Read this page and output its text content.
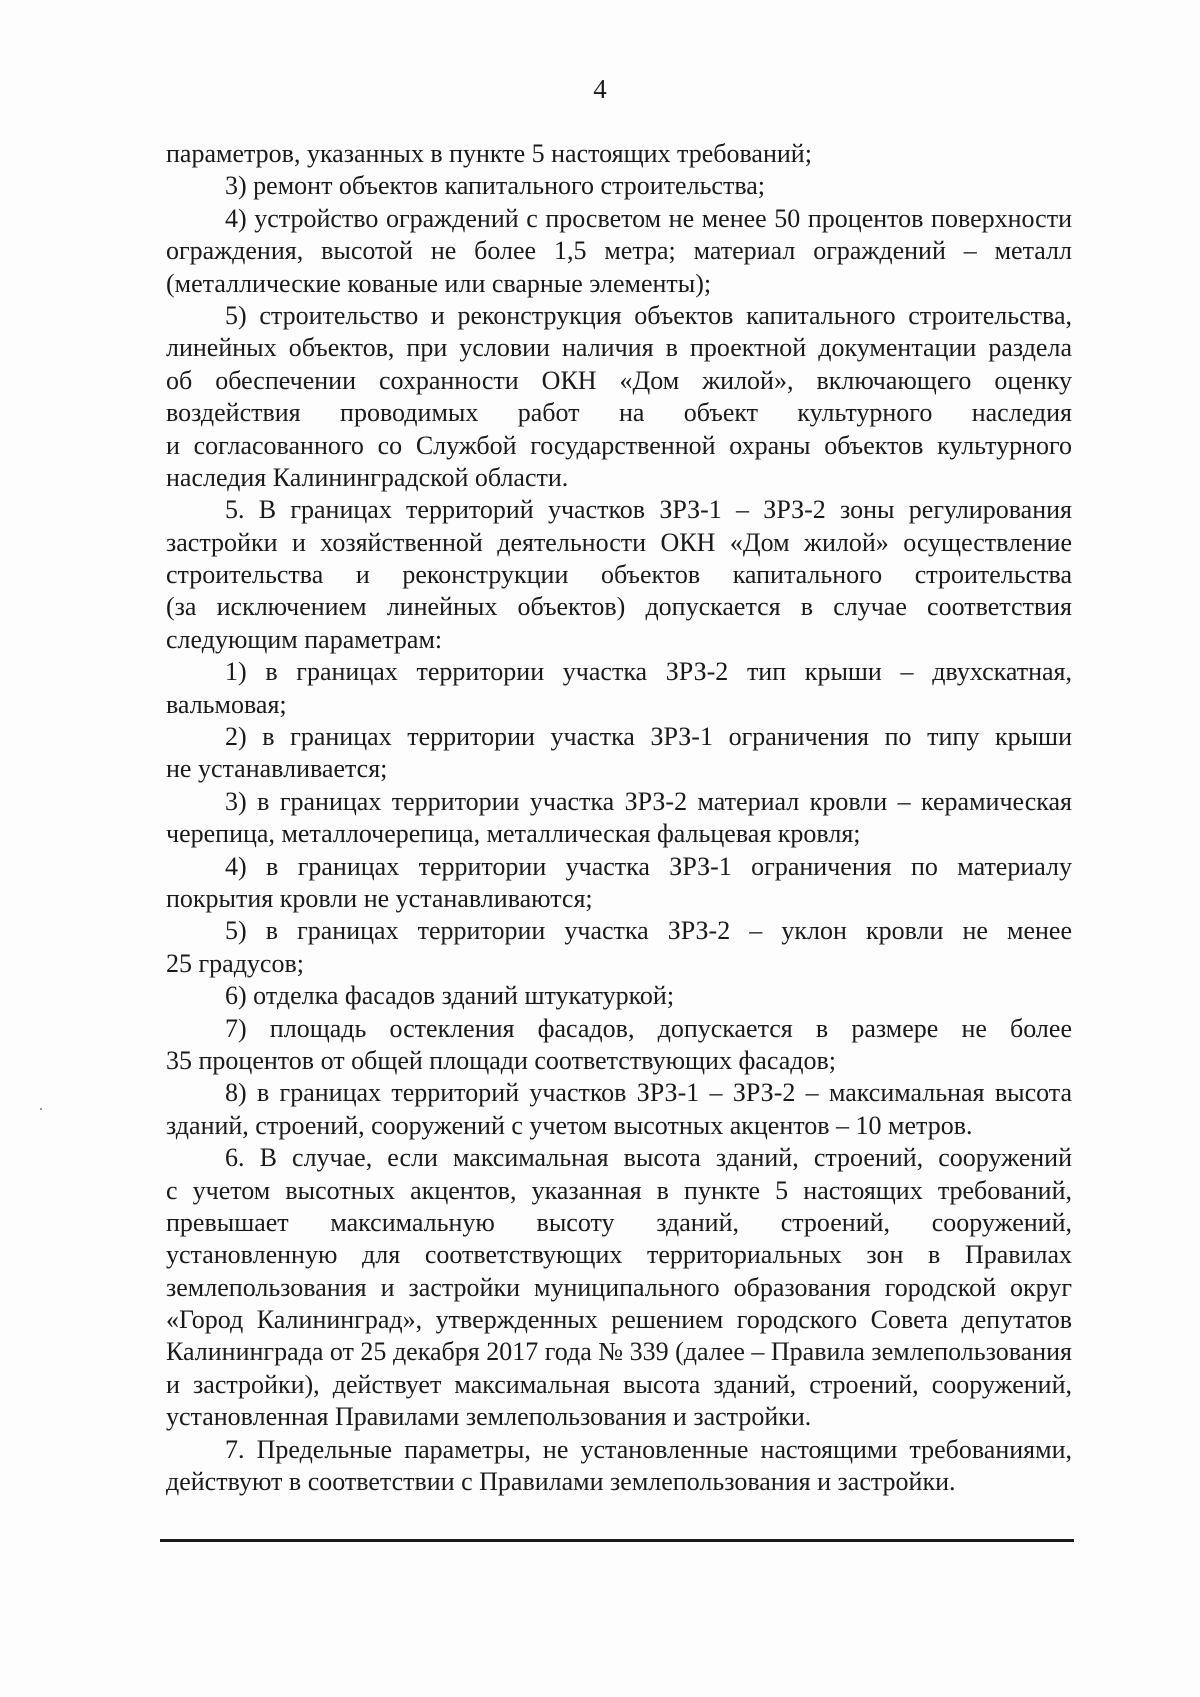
4
параметров, указанных в пункте 5 настоящих требований;
3) ремонт объектов капитального строительства;
4) устройство ограждений с просветом не менее 50 процентов поверхности
ограждения, высотой не более 1,5 метра; материал ограждений – металл
(металлические кованые или сварные элементы);
5) строительство и реконструкция объектов капитального строительства,
линейных объектов, при условии наличия в проектной документации раздела
об обеспечении сохранности ОКН «Дом жилой», включающего оценку
воздействия проводимых работ на объект культурного наследия
и согласованного со Службой государственной охраны объектов культурного
наследия Калининградской области.
5. В границах территорий участков ЗРЗ-1 – ЗРЗ-2 зоны регулирования
застройки и хозяйственной деятельности ОКН «Дом жилой» осуществление
строительства и реконструкции объектов капитального строительства
(за исключением линейных объектов) допускается в случае соответствия
следующим параметрам:
1) в границах территории участка ЗРЗ-2 тип крыши – двухскатная,
вальмовая;
2) в границах территории участка ЗРЗ-1 ограничения по типу крыши
не устанавливается;
3) в границах территории участка ЗРЗ-2 материал кровли – керамическая
черепица, металлочерепица, металлическая фальцевая кровля;
4) в границах территории участка ЗРЗ-1 ограничения по материалу
покрытия кровли не устанавливаются;
5) в границах территории участка ЗРЗ-2 – уклон кровли не менее
25 градусов;
6) отделка фасадов зданий штукатуркой;
7) площадь остекления фасадов, допускается в размере не более
35 процентов от общей площади соответствующих фасадов;
8) в границах территорий участков ЗРЗ-1 – ЗРЗ-2 – максимальная высота
зданий, строений, сооружений с учетом высотных акцентов – 10 метров.
6. В случае, если максимальная высота зданий, строений, сооружений
с учетом высотных акцентов, указанная в пункте 5 настоящих требований,
превышает максимальную высоту зданий, строений, сооружений,
установленную для соответствующих территориальных зон в Правилах
землепользования и застройки муниципального образования городской округ
«Город Калининград», утвержденных решением городского Совета депутатов
Калининграда от 25 декабря 2017 года № 339 (далее – Правила землепользования
и застройки), действует максимальная высота зданий, строений, сооружений,
установленная Правилами землепользования и застройки.
7. Предельные параметры, не установленные настоящими требованиями,
действуют в соответствии с Правилами землепользования и застройки.
